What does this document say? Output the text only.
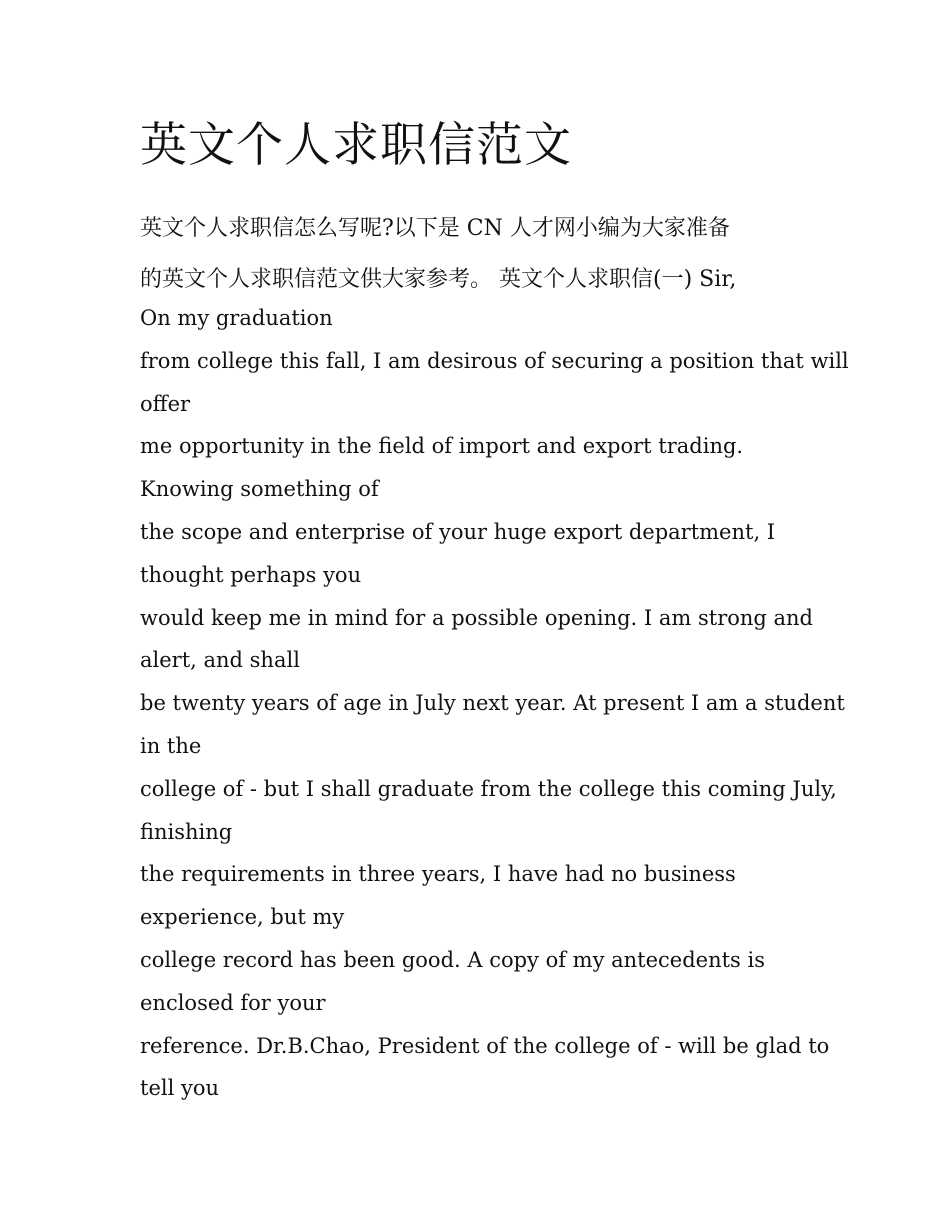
英文个人求职信范文
英文个人求职信怎么写呢?以下是 CN 人才网小编为大家准备
的英文个人求职信范文供大家参考。 英文个人求职信(一) Sir,
On my graduation
from college this fall, I am desirous of securing a position that will
offer
me opportunity in the field of import and export trading.
Knowing something of
the scope and enterprise of your huge export department, I
thought perhaps you
would keep me in mind for a possible opening. I am strong and
alert, and shall
be twenty years of age in July next year. At present I am a student
in the
college of - but I shall graduate from the college this coming July,
finishing
the requirements in three years, I have had no business
experience, but my
college record has been good. A copy of my antecedents is
enclosed for your
reference. Dr.B.Chao, President of the college of - will be glad to
tell you
